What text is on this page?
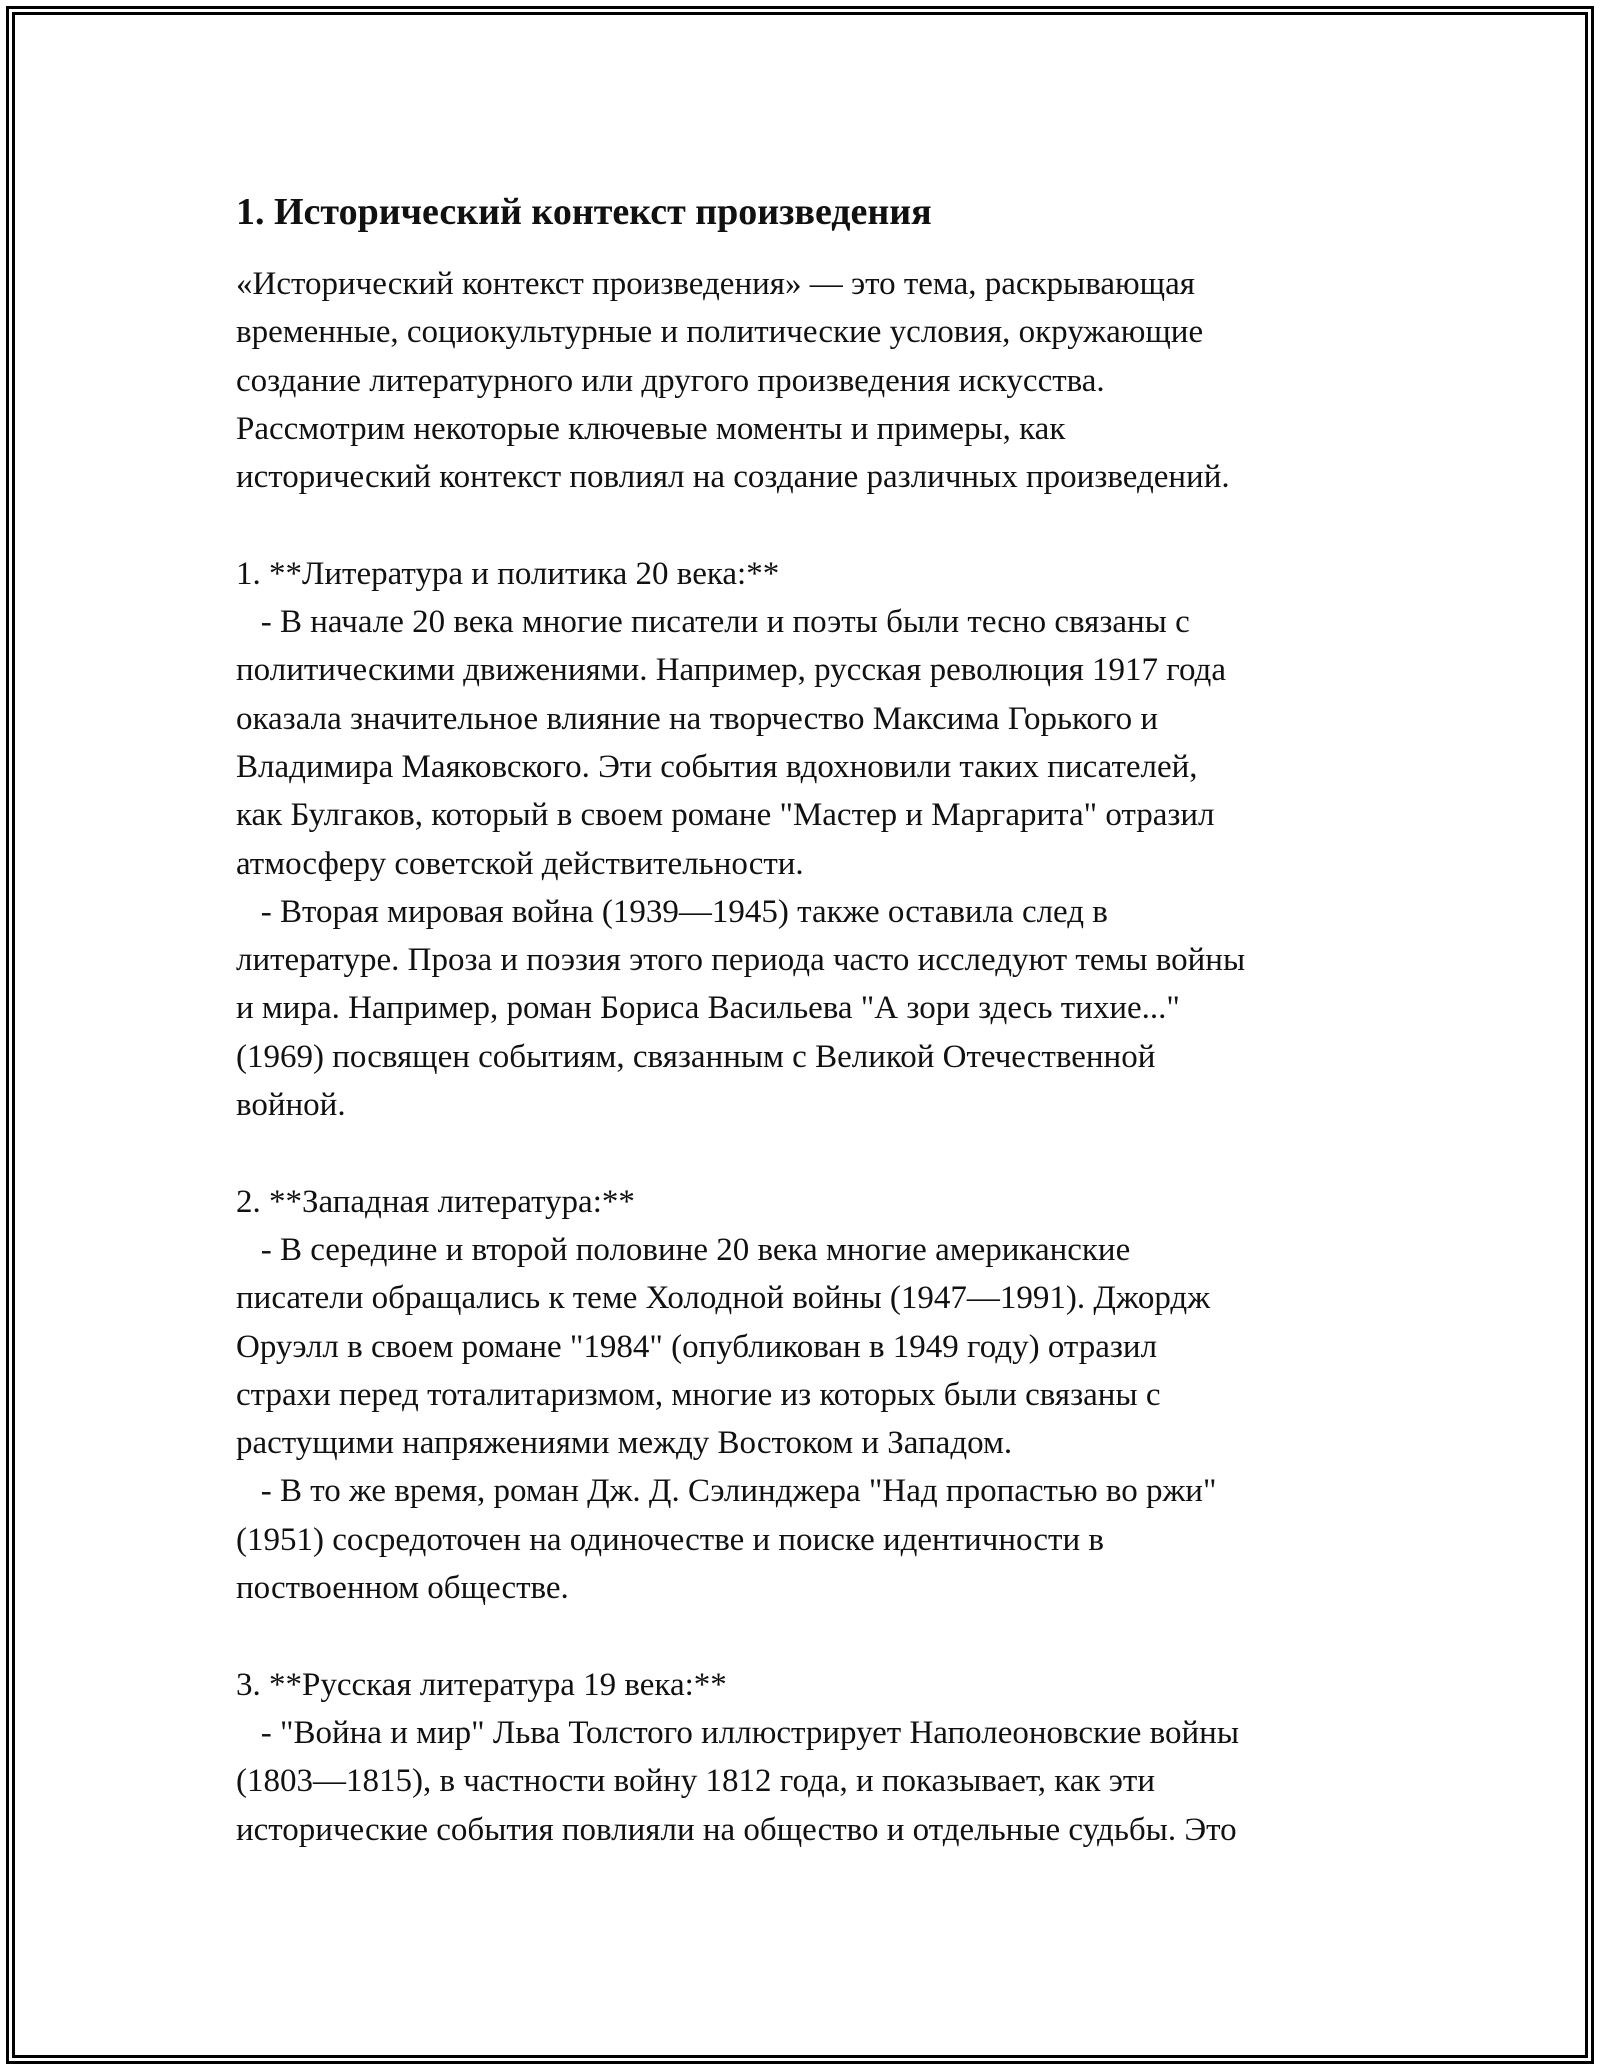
1. Исторический контекст произведения
«Исторический контекст произведения» — это тема, раскрывающая
временные, социокультурные и политические условия, окружающие
создание литературного или другого произведения искусства.
Рассмотрим некоторые ключевые моменты и примеры, как
исторический контекст повлиял на создание различных произведений.
1. **Литература и политика 20 века:**
- В начале 20 века многие писатели и поэты были тесно связаны с
политическими движениями. Например, русская революция 1917 года
оказала значительное влияние на творчество Максима Горького и
Владимира Маяковского. Эти события вдохновили таких писателей,
как Булгаков, который в своем романе "Мастер и Маргарита" отразил
атмосферу советской действительности.
- Вторая мировая война (1939—1945) также оставила след в
литературе. Проза и поэзия этого периода часто исследуют темы войны
и мира. Например, роман Бориса Васильева "А зори здесь тихие..."
(1969) посвящен событиям, связанным с Великой Отечественной
войной.
2. **Западная литература:**
- В середине и второй половине 20 века многие американские
писатели обращались к теме Холодной войны (1947—1991). Джордж
Оруэлл в своем романе "1984" (опубликован в 1949 году) отразил
страхи перед тоталитаризмом, многие из которых были связаны с
растущими напряжениями между Востоком и Западом.
- В то же время, роман Дж. Д. Сэлинджера "Над пропастью во ржи"
(1951) сосредоточен на одиночестве и поиске идентичности в
поствоенном обществе.
3. **Русская литература 19 века:**
- "Война и мир" Льва Толстого иллюстрирует Наполеоновские войны
(1803—1815), в частности войну 1812 года, и показывает, как эти
исторические события повлияли на общество и отдельные судьбы. Это
